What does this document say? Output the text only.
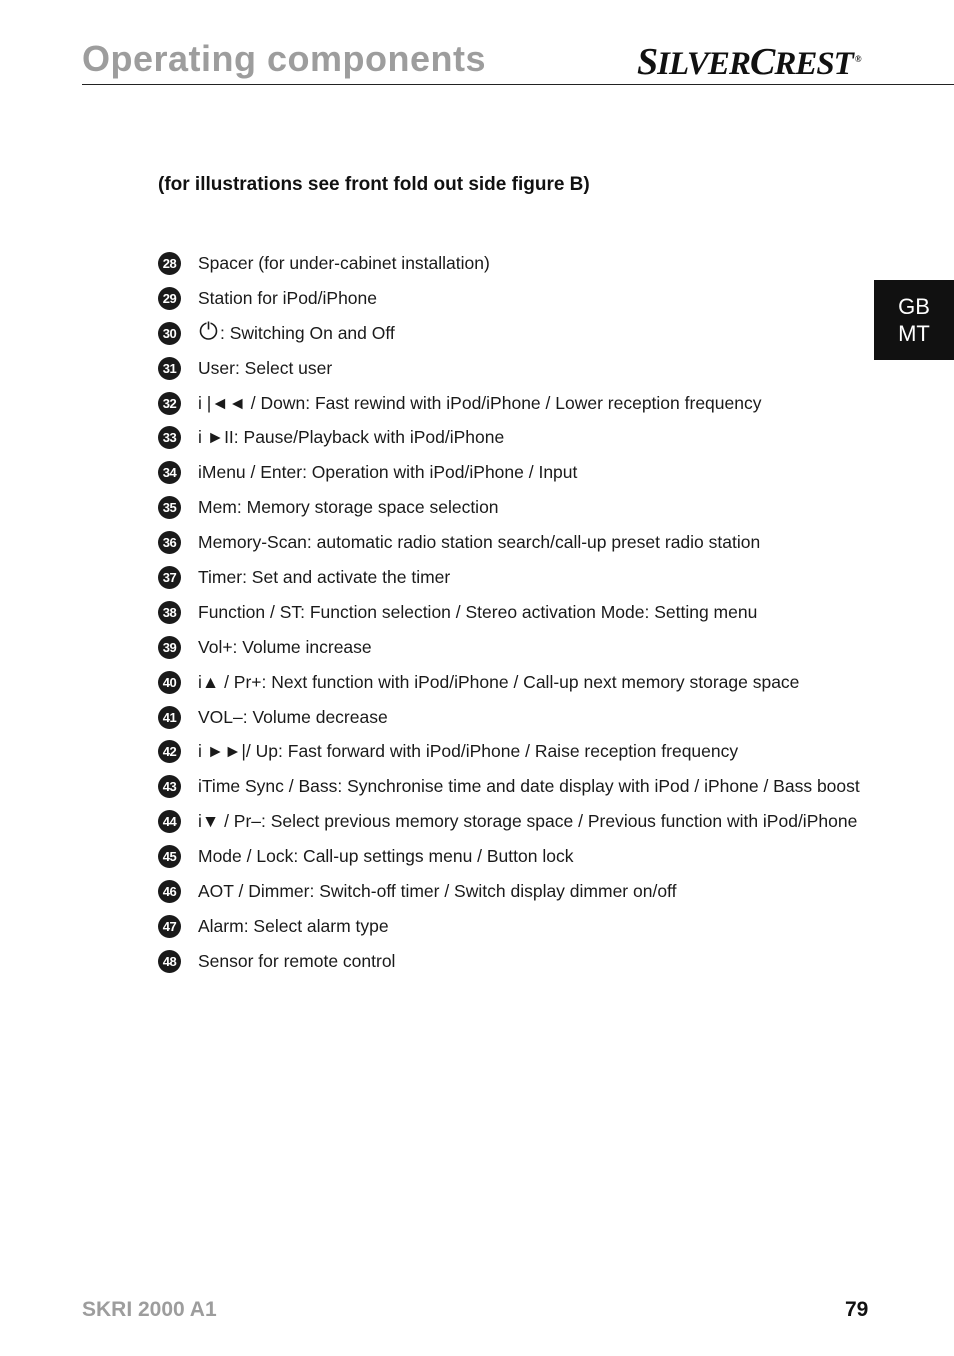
Operating components	SILVERCREST ®
GB
MT
(for illustrations see front fold out side figure B)
28 Spacer (for under-cabinet installation)
29 Station for iPod/iPhone
30	: Switching On and Off
31 User: Select user
32 i |◄◄ / Down: Fast rewind with iPod/iPhone / Lower reception frequency
33 i ►II: Pause/Playback with iPod/iPhone
34 iMenu / Enter: Operation with iPod/iPhone / Input
35 Mem: Memory storage space selection
36 Memory-Scan: automatic radio station search/call-up preset radio station
37 Timer: Set and activate the timer
38 Function / ST: Function selection / Stereo activation Mode: Setting menu
39 Vol+: Volume increase
40 i▲ / Pr+: Next function with iPod/iPhone / Call-up next memory storage space
41 VOL–: Volume decrease
42 i ►►|/ Up: Fast forward with iPod/iPhone / Raise reception frequency
43 iTime Sync / Bass: Synchronise time and date display with iPod / iPhone / Bass boost
44 i▼ / Pr–: Select previous memory storage space / Previous function with iPod/iPhone
45 Mode / Lock: Call-up settings menu / Button lock
46 AOT / Dimmer: Switch-off timer / Switch display dimmer on/off
47 Alarm: Select alarm type
48 Sensor for remote control
SKRI 2000 A1	79
